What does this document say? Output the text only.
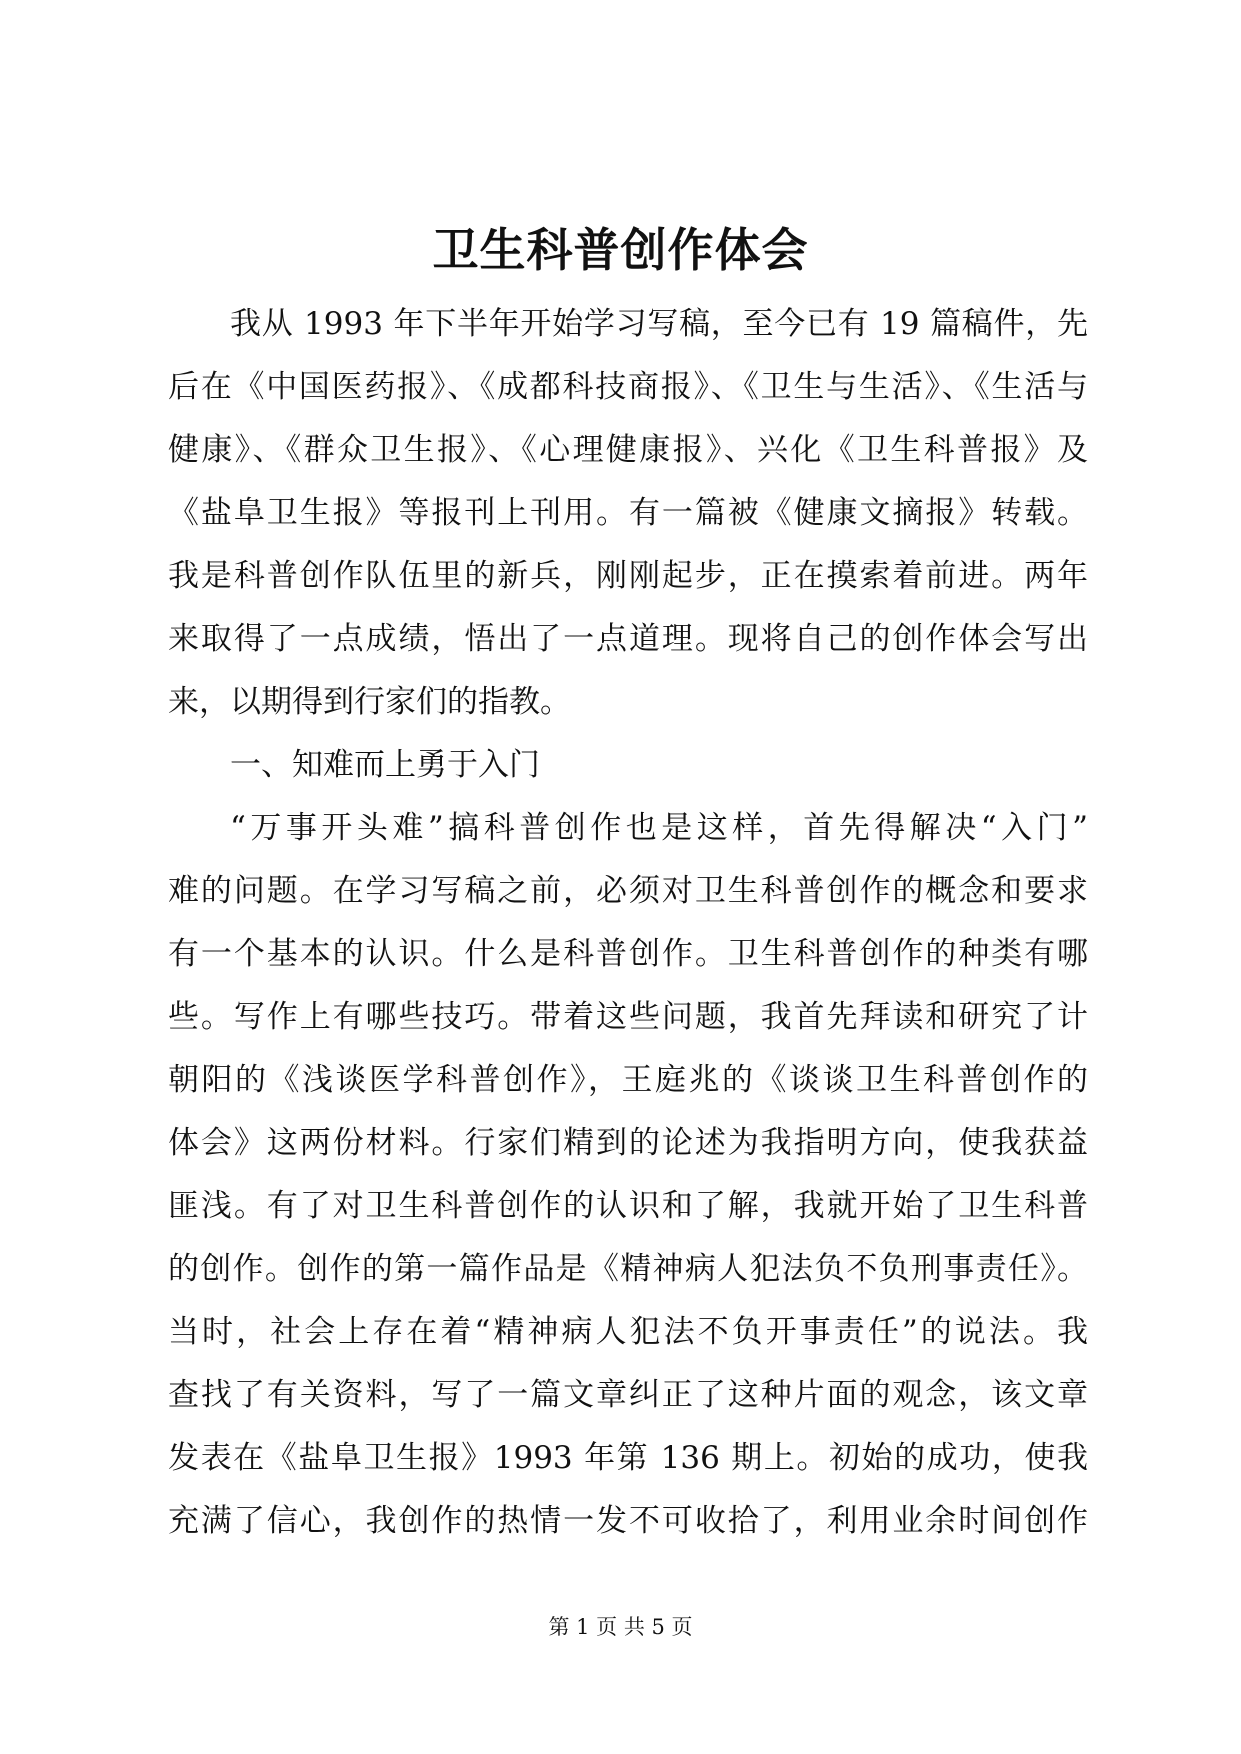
卫生科普创作体会
我从 1993 年下半年开始学习写稿，至今已有 19 篇稿件，先
后在《中国医药报》、《成都科技商报》、《卫生与生活》、《生活与
健康》、《群众卫生报》、《心理健康报》、兴化《卫生科普报》及
《盐阜卫生报》等报刊上刊用。有一篇被《健康文摘报》转载。
我是科普创作队伍里的新兵，刚刚起步，正在摸索着前进。两年
来取得了一点成绩，悟出了一点道理。现将自己的创作体会写出
来，以期得到行家们的指教。
一、知难而上勇于入门
“万事开头难”搞科普创作也是这样，首先得解决“入门”
难的问题。在学习写稿之前，必须对卫生科普创作的概念和要求
有一个基本的认识。什么是科普创作。卫生科普创作的种类有哪
些。写作上有哪些技巧。带着这些问题，我首先拜读和研究了计
朝阳的《浅谈医学科普创作》，王庭兆的《谈谈卫生科普创作的
体会》这两份材料。行家们精到的论述为我指明方向，使我获益
匪浅。有了对卫生科普创作的认识和了解，我就开始了卫生科普
的创作。创作的第一篇作品是《精神病人犯法负不负刑事责任》。
当时，社会上存在着“精神病人犯法不负开事责任”的说法。我
查找了有关资料，写了一篇文章纠正了这种片面的观念，该文章
发表在《盐阜卫生报》1993 年第 136 期上。初始的成功，使我
充满了信心，我创作的热情一发不可收拾了，利用业余时间创作
第 1 页 共 5 页
